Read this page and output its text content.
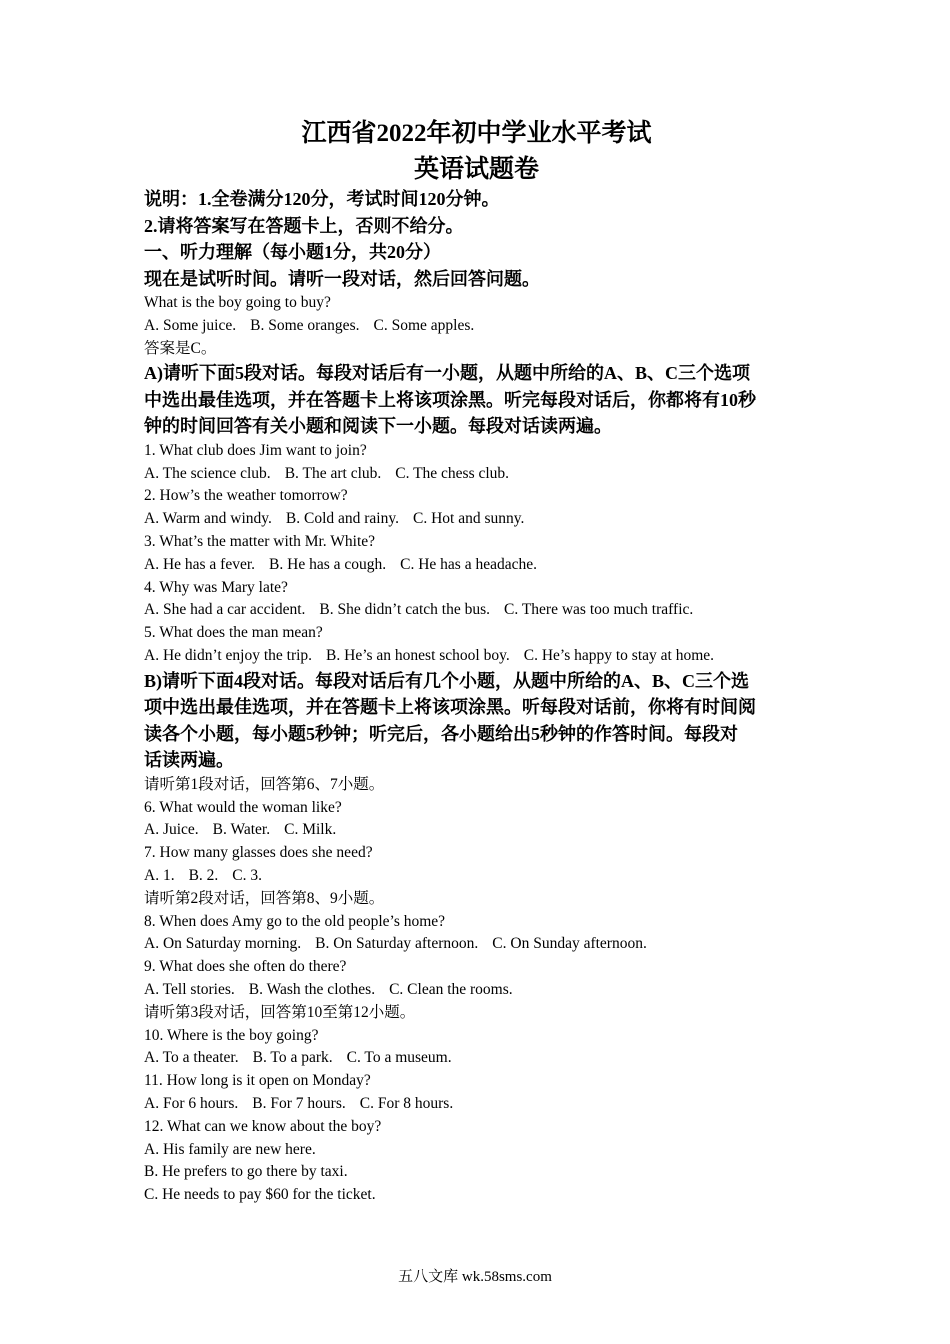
江西省2022年初中学业水平考试
英语试题卷
说明：1.全卷满分120分，考试时间120分钟。
2.请将答案写在答题卡上，否则不给分。
一、听力理解（每小题1分，共20分）
现在是试听时间。请听一段对话，然后回答问题。
What is the boy going to buy?
A. Some juice. B. Some oranges. C. Some apples.
答案是C。
A)请听下面5段对话。每段对话后有一小题，从题中所给的A、B、C三个选项
中选出最佳选项，并在答题卡上将该项涂黑。听完每段对话后，你都将有10秒
钟的时间回答有关小题和阅读下一小题。每段对话读两遍。
1. What club does Jim want to join?
A. The science club. B. The art club. C. The chess club.
2. How’s the weather tomorrow?
A. Warm and windy. B. Cold and rainy. C. Hot and sunny.
3. What’s the matter with Mr. White?
A. He has a fever. B. He has a cough. C. He has a headache.
4. Why was Mary late?
A. She had a car accident. B. She didn’t catch the bus. C. There was too much traffic.
5. What does the man mean?
A. He didn’t enjoy the trip. B. He’s an honest school boy. C. He’s happy to stay at home.
B)请听下面4段对话。每段对话后有几个小题，从题中所给的A、B、C三个选
项中选出最佳选项，并在答题卡上将该项涂黑。听每段对话前，你将有时间阅
读各个小题，每小题5秒钟；听完后，各小题给出5秒钟的作答时间。每段对
话读两遍。
请听第1段对话，回答第6、7小题。
6. What would the woman like?
A. Juice. B. Water. C. Milk.
7. How many glasses does she need?
A. 1. B. 2. C. 3.
请听第2段对话，回答第8、9小题。
8. When does Amy go to the old people’s home?
A. On Saturday morning. B. On Saturday afternoon. C. On Sunday afternoon.
9. What does she often do there?
A. Tell stories. B. Wash the clothes. C. Clean the rooms.
请听第3段对话，回答第10至第12小题。
10. Where is the boy going?
A. To a theater. B. To a park. C. To a museum.
11. How long is it open on Monday?
A. For 6 hours. B. For 7 hours. C. For 8 hours.
12. What can we know about the boy?
A. His family are new here.
B. He prefers to go there by taxi.
C. He needs to pay $60 for the ticket.
五八文库 wk.58sms.com
